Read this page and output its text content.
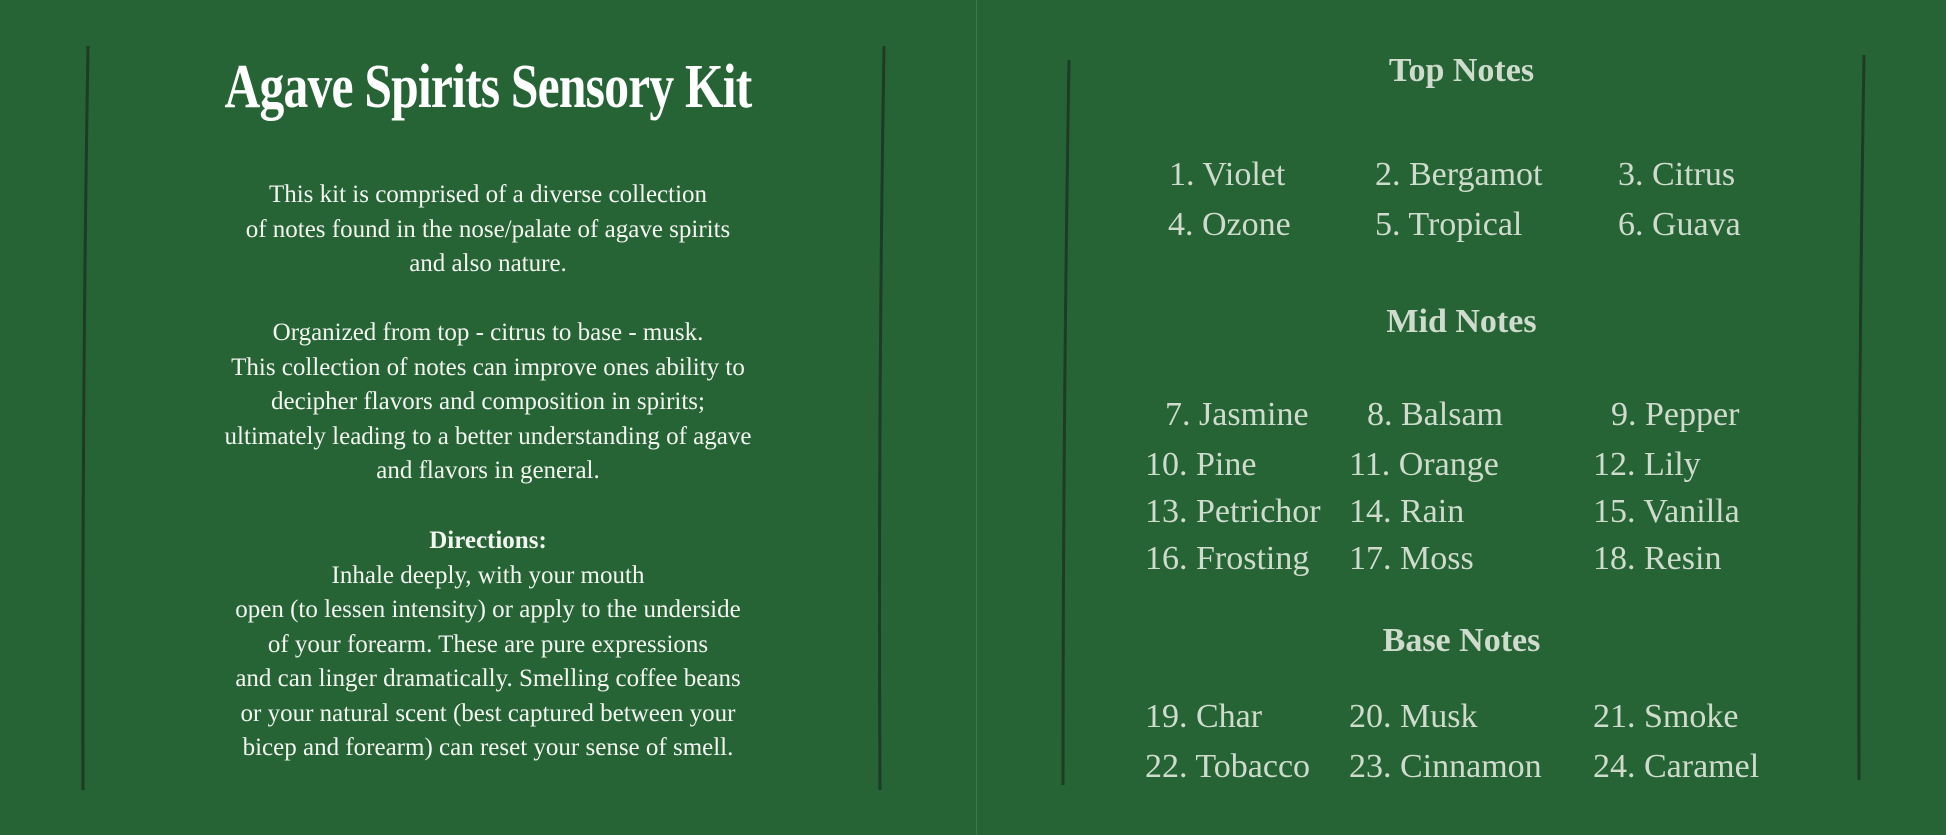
Agave Spirits Sensory Kit

This kit is comprised of a diverse collection

of notes found in the nose/palate of agave spirits

and also nature.

Organized from top - citrus to base - musk.

This collection of notes can improve ones ability to

decipher flavors and composition in spirits;

ultimately leading to a better understanding of agave

and flavors in general.

Directions:

Inhale deeply, with your mouth

open (to lessen intensity) or apply to the underside

of your forearm. These are pure expressions

and can linger dramatically. Smelling coffee beans

or your natural scent (best captured between your

bicep and forearm) can reset your sense of smell.

Top Notes
1. Violet	2. Bergamot 3. Citrus
4. Ozone 5. Tropical	6. Guava
Mid Notes
7. Jasmine 8. Balsam	9. Pepper
10. Pine	11. Orange	12. Lily
13. Petrichor 14. Rain	15. Vanilla
16. Frosting 17. Moss	18. Resin
Base Notes
19. Char	20. Musk	21. Smoke
22. Tobacco 23. Cinnamon 24. Caramel
